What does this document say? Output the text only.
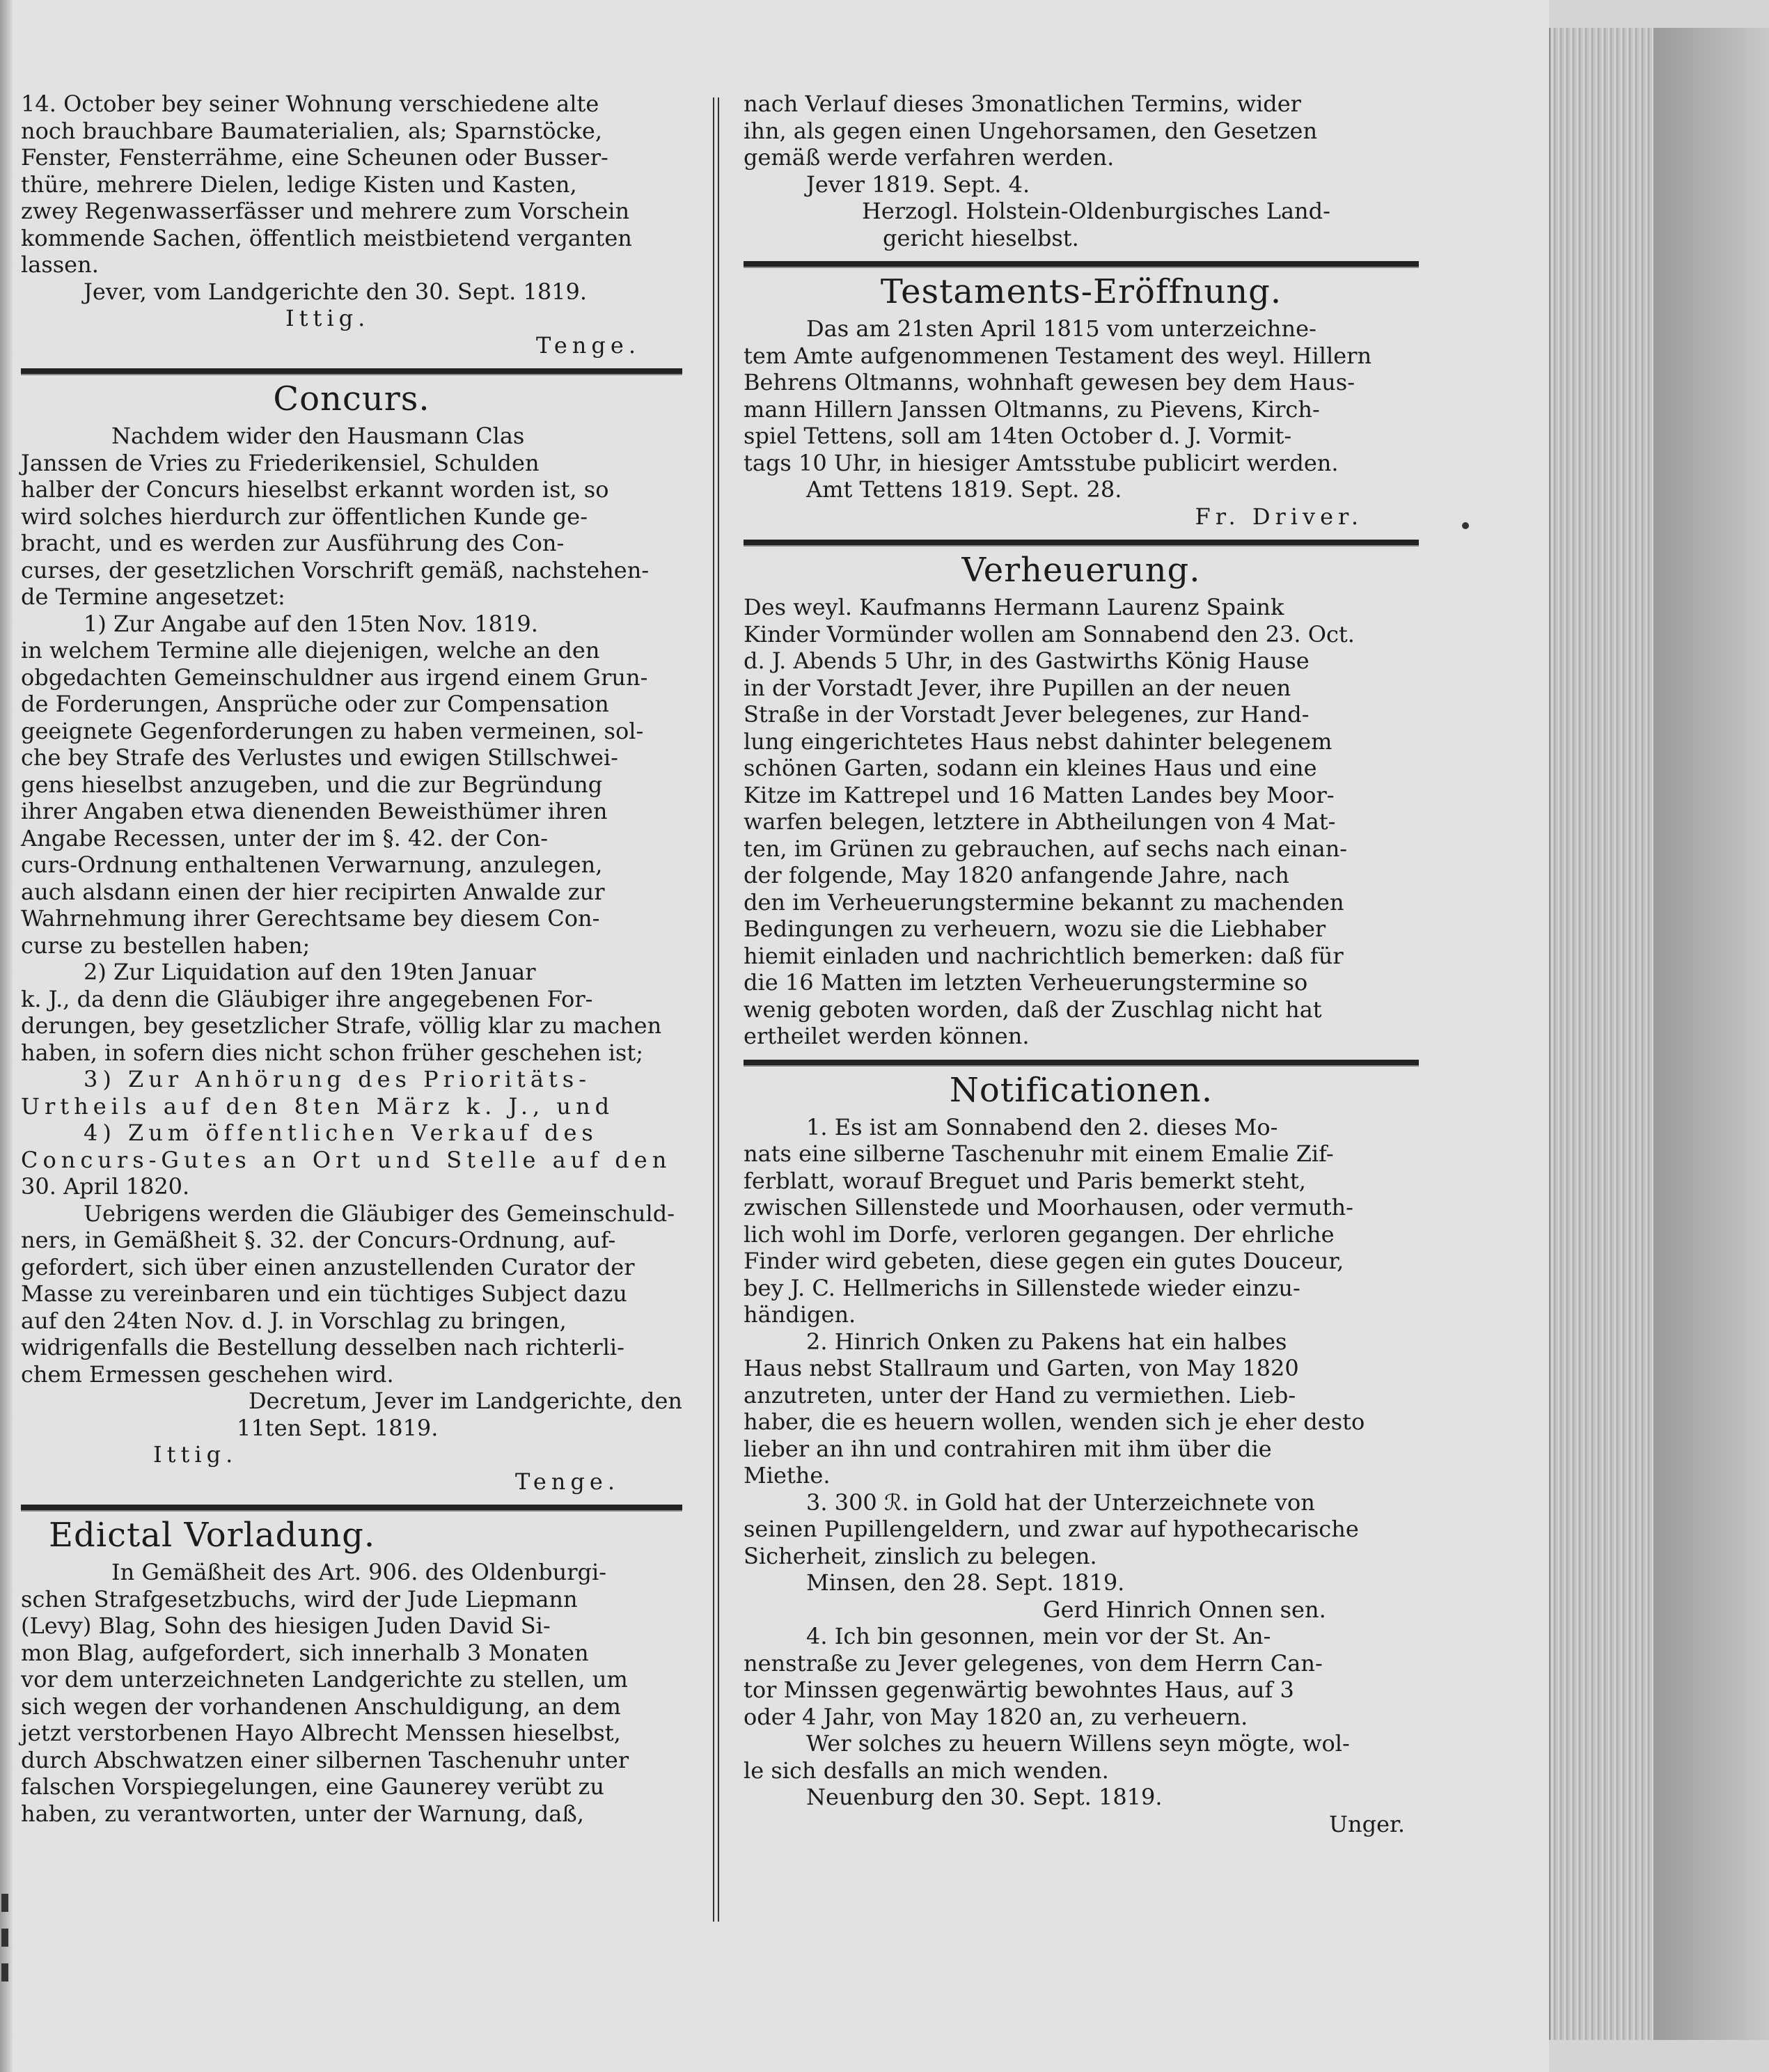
14. October bey seiner Wohnung verschiedene alte

noch brauchbare Baumaterialien, als; Sparnstöcke,

Fenster, Fensterrähme, eine Scheunen oder Busser-

thüre, mehrere Dielen, ledige Kisten und Kasten,

zwey Regenwasserfässer und mehrere zum Vorschein

kommende Sachen, öffentlich meistbietend verganten

lassen.

Jever, vom Landgerichte den 30. Sept. 1819.

Ittig.

Tenge.

Concurs.

Nachdem wider den Hausmann Clas

Janssen de Vries zu Friederikensiel, Schulden

halber der Concurs hieselbst erkannt worden ist, so

wird solches hierdurch zur öffentlichen Kunde ge-

bracht, und es werden zur Ausführung des Con-

curses, der gesetzlichen Vorschrift gemäß, nachstehen-

de Termine angesetzet:

1) Zur Angabe auf den 15ten Nov. 1819.

in welchem Termine alle diejenigen, welche an den

obgedachten Gemeinschuldner aus irgend einem Grun-

de Forderungen, Ansprüche oder zur Compensation

geeignete Gegenforderungen zu haben vermeinen, sol-

che bey Strafe des Verlustes und ewigen Stillschwei-

gens hieselbst anzugeben, und die zur Begründung

ihrer Angaben etwa dienenden Beweisthümer ihren

Angabe Recessen, unter der im §. 42. der Con-

curs-Ordnung enthaltenen Verwarnung, anzulegen,

auch alsdann einen der hier recipirten Anwalde zur

Wahrnehmung ihrer Gerechtsame bey diesem Con-

curse zu bestellen haben;

2) Zur Liquidation auf den 19ten Januar

k. J., da denn die Gläubiger ihre angegebenen For-

derungen, bey gesetzlicher Strafe, völlig klar zu machen

haben, in sofern dies nicht schon früher geschehen ist;

3) Zur Anhörung des Prioritäts-

Urtheils auf den 8ten März k. J., und

4) Zum öffentlichen Verkauf des

Concurs-Gutes an Ort und Stelle auf den

30. April 1820.

Uebrigens werden die Gläubiger des Gemeinschuld-

ners, in Gemäßheit §. 32. der Concurs-Ordnung, auf-

gefordert, sich über einen anzustellenden Curator der

Masse zu vereinbaren und ein tüchtiges Subject dazu

auf den 24ten Nov. d. J. in Vorschlag zu bringen,

widrigenfalls die Bestellung desselben nach richterli-

chem Ermessen geschehen wird.

Decretum, Jever im Landgerichte, den

11ten Sept. 1819.

Ittig.

Tenge.

Edictal Vorladung.

In Gemäßheit des Art. 906. des Oldenburgi-

schen Strafgesetzbuchs, wird der Jude Liepmann

(Levy) Blag, Sohn des hiesigen Juden David Si-

mon Blag, aufgefordert, sich innerhalb 3 Monaten

vor dem unterzeichneten Landgerichte zu stellen, um

sich wegen der vorhandenen Anschuldigung, an dem

jetzt verstorbenen Hayo Albrecht Menssen hieselbst,

durch Abschwatzen einer silbernen Taschenuhr unter

falschen Vorspiegelungen, eine Gaunerey verübt zu

haben, zu verantworten, unter der Warnung, daß,

nach Verlauf dieses 3monatlichen Termins, wider

ihn, als gegen einen Ungehorsamen, den Gesetzen

gemäß werde verfahren werden.

Jever 1819. Sept. 4.

Herzogl. Holstein-Oldenburgisches Land-

gericht hieselbst.

Testaments-Eröffnung.

Das am 21sten April 1815 vom unterzeichne-

tem Amte aufgenommenen Testament des weyl. Hillern

Behrens Oltmanns, wohnhaft gewesen bey dem Haus-

mann Hillern Janssen Oltmanns, zu Pievens, Kirch-

spiel Tettens, soll am 14ten October d. J. Vormit-

tags 10 Uhr, in hiesiger Amtsstube publicirt werden.

Amt Tettens 1819. Sept. 28.

Fr. Driver.

Verheuerung.

Des weyl. Kaufmanns Hermann Laurenz Spaink

Kinder Vormünder wollen am Sonnabend den 23. Oct.

d. J. Abends 5 Uhr, in des Gastwirths König Hause

in der Vorstadt Jever, ihre Pupillen an der neuen

Straße in der Vorstadt Jever belegenes, zur Hand-

lung eingerichtetes Haus nebst dahinter belegenem

schönen Garten, sodann ein kleines Haus und eine

Kitze im Kattrepel und 16 Matten Landes bey Moor-

warfen belegen, letztere in Abtheilungen von 4 Mat-

ten, im Grünen zu gebrauchen, auf sechs nach einan-

der folgende, May 1820 anfangende Jahre, nach

den im Verheuerungstermine bekannt zu machenden

Bedingungen zu verheuern, wozu sie die Liebhaber

hiemit einladen und nachrichtlich bemerken: daß für

die 16 Matten im letzten Verheuerungstermine so

wenig geboten worden, daß der Zuschlag nicht hat

ertheilet werden können.

Notificationen.

1. Es ist am Sonnabend den 2. dieses Mo-

nats eine silberne Taschenuhr mit einem Emalie Zif-

ferblatt, worauf Breguet und Paris bemerkt steht,

zwischen Sillenstede und Moorhausen, oder vermuth-

lich wohl im Dorfe, verloren gegangen. Der ehrliche

Finder wird gebeten, diese gegen ein gutes Douceur,

bey J. C. Hellmerichs in Sillenstede wieder einzu-

händigen.

2. Hinrich Onken zu Pakens hat ein halbes

Haus nebst Stallraum und Garten, von May 1820

anzutreten, unter der Hand zu vermiethen. Lieb-

haber, die es heuern wollen, wenden sich je eher desto

lieber an ihn und contrahiren mit ihm über die

Miethe.

3. 300 ℛ. in Gold hat der Unterzeichnete von

seinen Pupillengeldern, und zwar auf hypothecarische

Sicherheit, zinslich zu belegen.

Minsen, den 28. Sept. 1819.

Gerd Hinrich Onnen sen.

4. Ich bin gesonnen, mein vor der St. An-

nenstraße zu Jever gelegenes, von dem Herrn Can-

tor Minssen gegenwärtig bewohntes Haus, auf 3

oder 4 Jahr, von May 1820 an, zu verheuern.

Wer solches zu heuern Willens seyn mögte, wol-

le sich desfalls an mich wenden.

Neuenburg den 30. Sept. 1819.

Unger.
